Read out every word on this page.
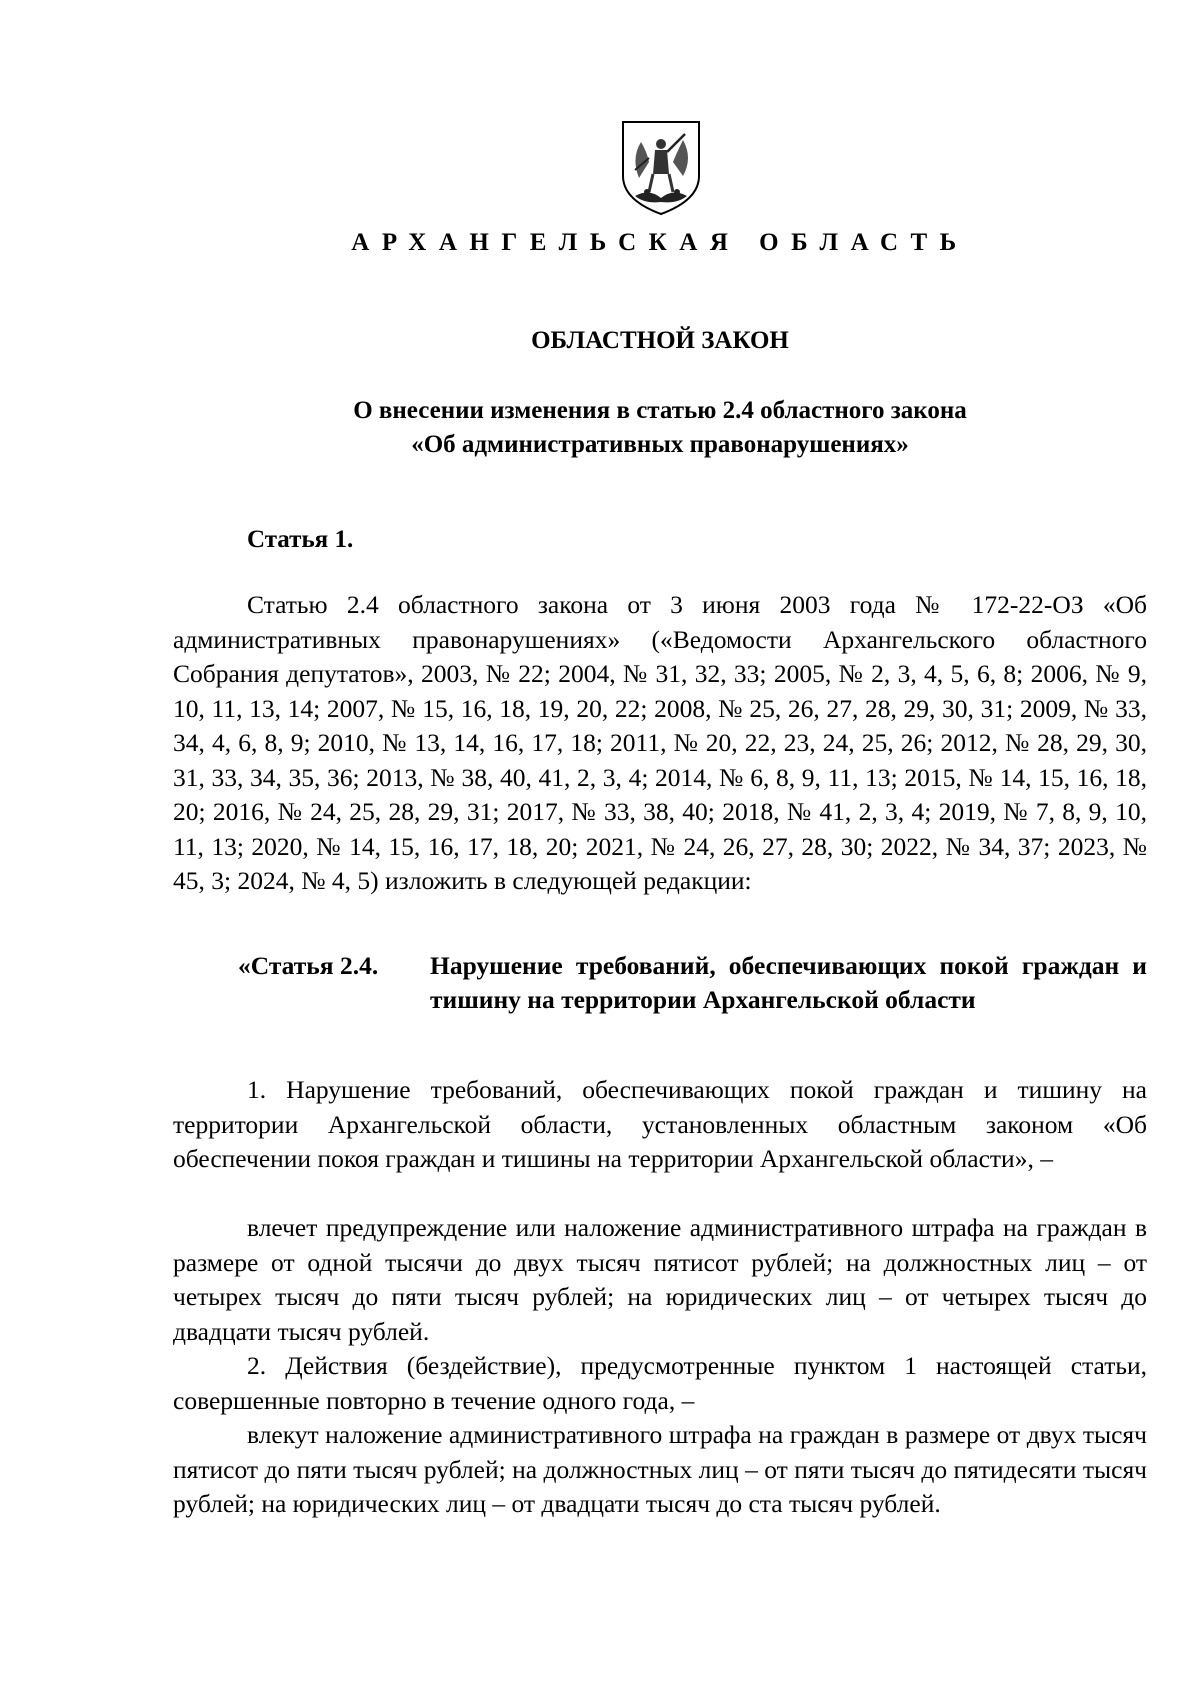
АРХАНГЕЛЬСКАЯ ОБЛАСТЬ
ОБЛАСТНОЙ ЗАКОН
О внесении изменения в статью 2.4 областного закона
«Об административных правонарушениях»
Статья 1.

Статью 2.4 областного закона от 3 июня 2003 года № 172-22-ОЗ «Об административных правонарушениях» («Ведомости Архангельского областного Собрания депутатов», 2003, № 22; 2004, № 31, 32, 33; 2005, № 2, 3, 4, 5, 6, 8; 2006, № 9, 10, 11, 13, 14; 2007, № 15, 16, 18, 19, 20, 22; 2008, № 25, 26, 27, 28, 29, 30, 31; 2009, № 33, 34, 4, 6, 8, 9; 2010, № 13, 14, 16, 17, 18; 2011, № 20, 22, 23, 24, 25, 26; 2012, № 28, 29, 30, 31, 33, 34, 35, 36; 2013, № 38, 40, 41, 2, 3, 4; 2014, № 6, 8, 9, 11, 13; 2015, № 14, 15, 16, 18, 20; 2016, № 24, 25, 28, 29, 31; 2017, № 33, 38, 40; 2018, № 41, 2, 3, 4; 2019, № 7, 8, 9, 10, 11, 13; 2020, № 14, 15, 16, 17, 18, 20; 2021, № 24, 26, 27, 28, 30; 2022, № 34, 37; 2023, № 45, 3; 2024, № 4, 5) изложить в следующей редакции:

«Статья 2.4. Нарушение требований, обеспечивающих покой граждан и тишину на территории Архангельской области

1. Нарушение требований, обеспечивающих покой граждан и тишину на территории Архангельской области, установленных областным законом «Об обеспечении покоя граждан и тишины на территории Архангельской области», –

влечет предупреждение или наложение административного штрафа на граждан в размере от одной тысячи до двух тысяч пятисот рублей; на должностных лиц – от четырех тысяч до пяти тысяч рублей; на юридических лиц – от четырех тысяч до двадцати тысяч рублей.

2. Действия (бездействие), предусмотренные пунктом 1 настоящей статьи, совершенные повторно в течение одного года, –

влекут наложение административного штрафа на граждан в размере от двух тысяч пятисот до пяти тысяч рублей; на должностных лиц – от пяти тысяч до пятидесяти тысяч рублей; на юридических лиц – от двадцати тысяч до ста тысяч рублей.
